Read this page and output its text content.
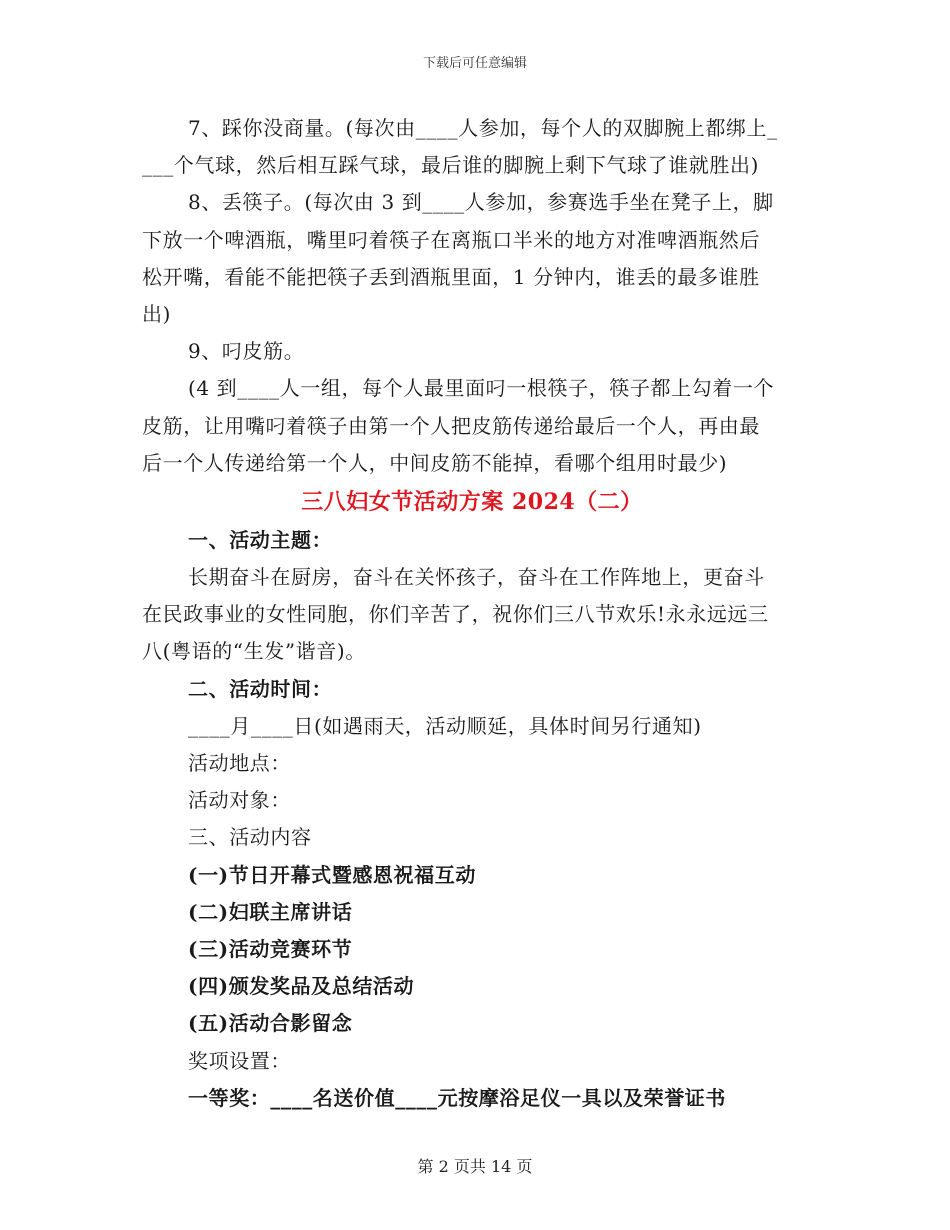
下载后可任意编辑
7、踩你没商量。(每次由____人参加，每个人的双脚腕上都绑上_
___个气球，然后相互踩气球，最后谁的脚腕上剩下气球了谁就胜出)
8、丢筷子。(每次由 3 到____人参加，参赛选手坐在凳子上，脚
下放一个啤酒瓶，嘴里叼着筷子在离瓶口半米的地方对准啤酒瓶然后
松开嘴，看能不能把筷子丢到酒瓶里面，1 分钟内，谁丢的最多谁胜
出)
9、叼皮筋。
(4 到____人一组，每个人最里面叼一根筷子，筷子都上勾着一个
皮筋，让用嘴叼着筷子由第一个人把皮筋传递给最后一个人，再由最
后一个人传递给第一个人，中间皮筋不能掉，看哪个组用时最少)
三八妇女节活动方案 2024（二）
一、活动主题：
长期奋斗在厨房，奋斗在关怀孩子，奋斗在工作阵地上，更奋斗
在民政事业的女性同胞，你们辛苦了，祝你们三八节欢乐!永永远远三
八(粤语的“生发”谐音)。
二、活动时间：
____月____日(如遇雨天，活动顺延，具体时间另行通知)
活动地点：
活动对象：
三、活动内容
(一)节日开幕式暨感恩祝福互动
(二)妇联主席讲话
(三)活动竞赛环节
(四)颁发奖品及总结活动
(五)活动合影留念
奖项设置：
一等奖：____名送价值____元按摩浴足仪一具以及荣誉证书
第 2 页共 14 页
